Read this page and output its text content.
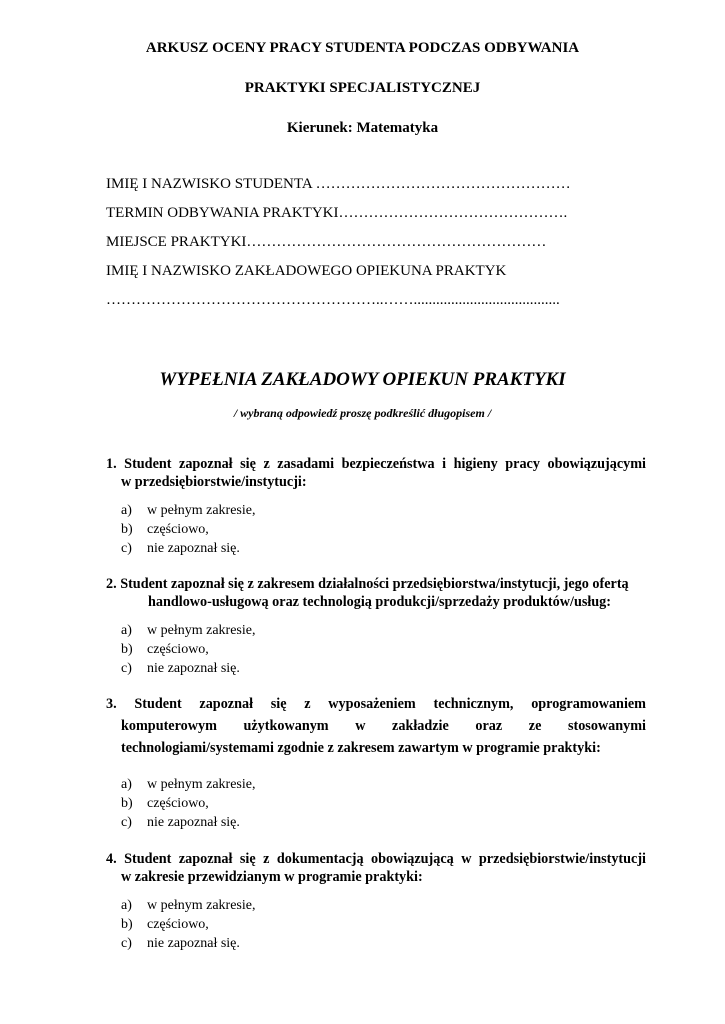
ARKUSZ OCENY PRACY STUDENTA PODCZAS ODBYWANIA
PRAKTYKI SPECJALISTYCZNEJ
Kierunek: Matematyka
IMIĘ I NAZWISKO STUDENTA ……………………………………………
TERMIN ODBYWANIA PRAKTYKI……………………………………….
MIEJSCE PRAKTYKI……………………………………………………
IMIĘ I NAZWISKO ZAKŁADOWEGO OPIEKUNA PRAKTYK
………………………………………………..…….......................................
WYPEŁNIA ZAKŁADOWY OPIEKUN PRAKTYKI
/ wybraną odpowiedź proszę podkreślić długopisem /
1. Student zapoznał się z zasadami bezpieczeństwa i higieny pracy obowiązującymi
w przedsiębiorstwie/instytucji:
a) w pełnym zakresie,
b) częściowo,
c) nie zapoznał się.
2. Student zapoznał się z zakresem działalności przedsiębiorstwa/instytucji, jego ofertą
handlowo-usługową oraz technologią produkcji/sprzedaży produktów/usług:
a) w pełnym zakresie,
b) częściowo,
c) nie zapoznał się.
3. Student zapoznał się z wyposażeniem technicznym, oprogramowaniem
komputerowym użytkowanym w zakładzie oraz ze stosowanymi
technologiami/systemami zgodnie z zakresem zawartym w programie praktyki:
a) w pełnym zakresie,
b) częściowo,
c) nie zapoznał się.
4. Student zapoznał się z dokumentacją obowiązującą w przedsiębiorstwie/instytucji
w zakresie przewidzianym w programie praktyki:
a) w pełnym zakresie,
b) częściowo,
c) nie zapoznał się.
